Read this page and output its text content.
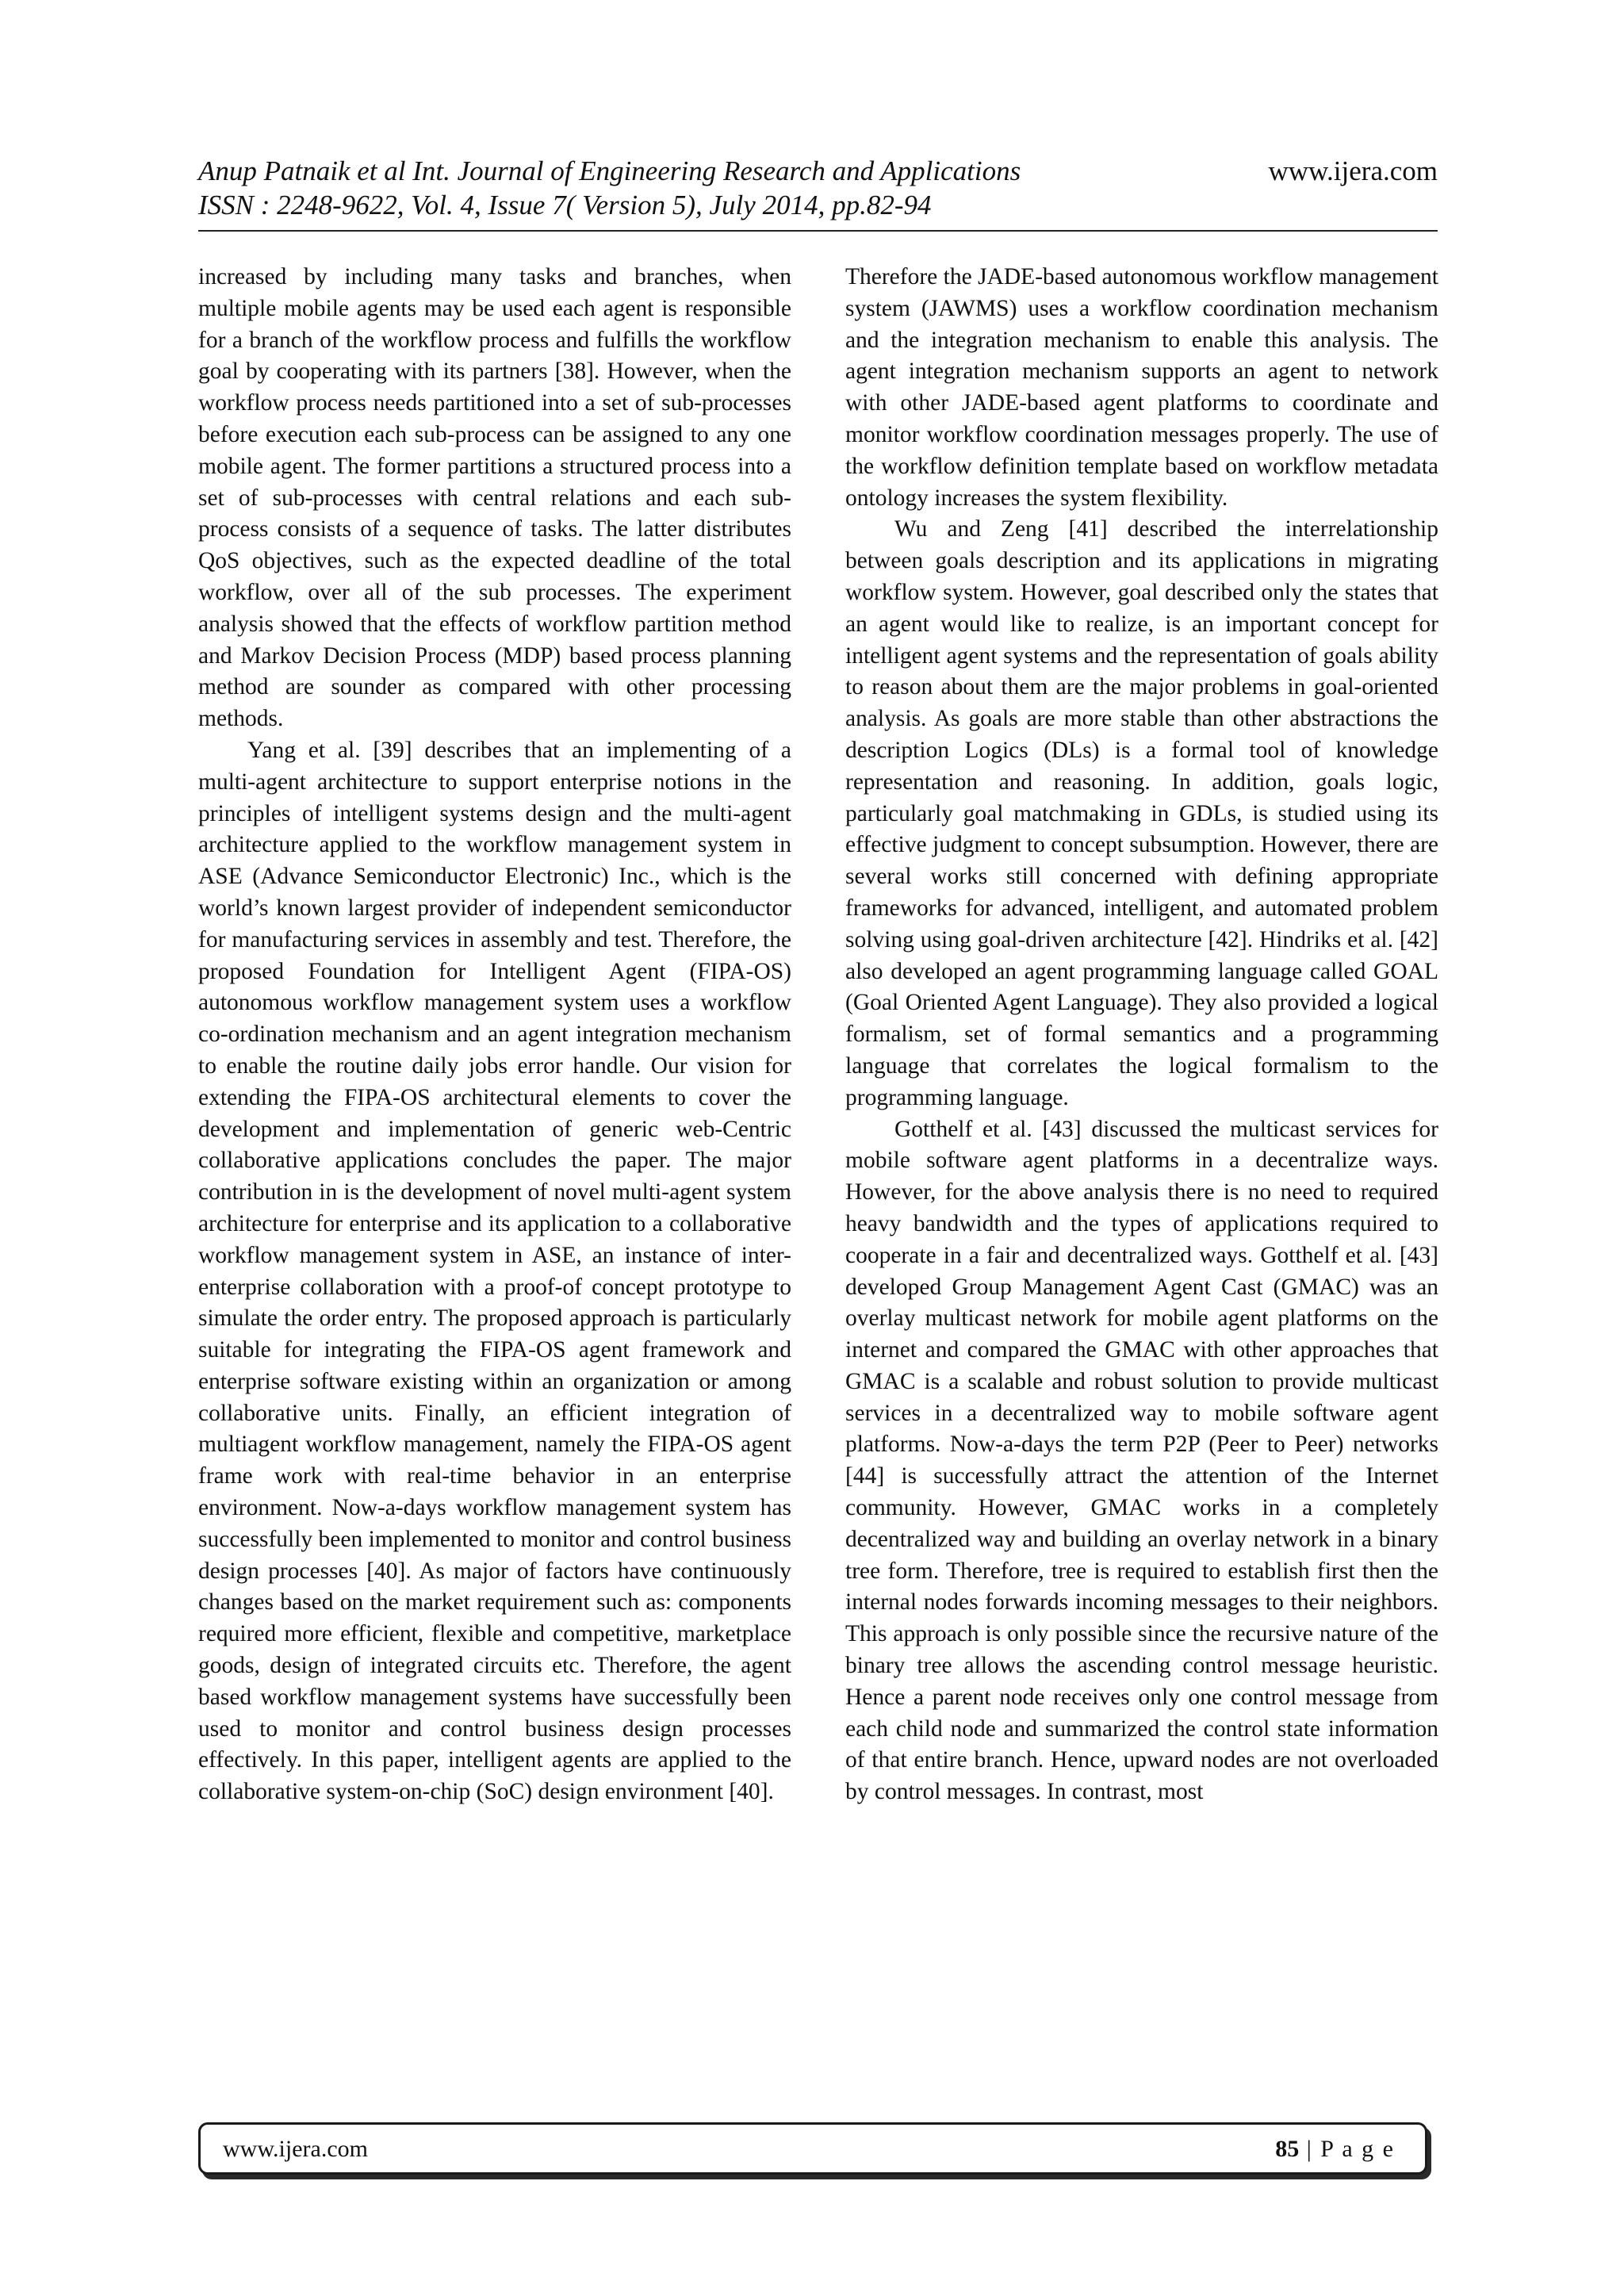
Anup Patnaik et al Int. Journal of Engineering Research and Applications
ISSN : 2248-9622, Vol. 4, Issue 7( Version 5), July 2014, pp.82-94
www.ijera.com

increased by including many tasks and branches, when multiple mobile agents may be used each agent is responsible for a branch of the workflow process and fulfills the workflow goal by cooperating with its partners [38]. However, when the workflow process needs partitioned into a set of sub-processes before execution each sub-process can be assigned to any one mobile agent. The former partitions a structured process into a set of sub-processes with central relations and each sub-process consists of a sequence of tasks. The latter distributes QoS objectives, such as the expected deadline of the total workflow, over all of the sub processes. The experiment analysis showed that the effects of workflow partition method and Markov Decision Process (MDP) based process planning method are sounder as compared with other processing methods.

Yang et al. [39] describes that an implementing of a multi-agent architecture to support enterprise notions in the principles of intelligent systems design and the multi-agent architecture applied to the workflow management system in ASE (Advance Semiconductor Electronic) Inc., which is the world’s known largest provider of independent semiconductor for manufacturing services in assembly and test. Therefore, the proposed Foundation for Intelligent Agent (FIPA-OS) autonomous workflow management system uses a workflow co-ordination mechanism and an agent integration mechanism to enable the routine daily jobs error handle. Our vision for extending the FIPA-OS architectural elements to cover the development and implementation of generic web-Centric collaborative applications concludes the paper. The major contribution in is the development of novel multi-agent system architecture for enterprise and its application to a collaborative workflow management system in ASE, an instance of inter-enterprise collaboration with a proof-of concept prototype to simulate the order entry. The proposed approach is particularly suitable for integrating the FIPA-OS agent framework and enterprise software existing within an organization or among collaborative units. Finally, an efficient integration of multiagent workflow management, namely the FIPA-OS agent frame work with real-time behavior in an enterprise environment. Now-a-days workflow management system has successfully been implemented to monitor and control business design processes [40]. As major of factors have continuously changes based on the market requirement such as: components required more efficient, flexible and competitive, marketplace goods, design of integrated circuits etc. Therefore, the agent based workflow management systems have successfully been used to monitor and control business design processes effectively. In this paper, intelligent agents are applied to the collaborative system-on-chip (SoC) design environment [40].

Therefore the JADE-based autonomous workflow management system (JAWMS) uses a workflow coordination mechanism and the integration mechanism to enable this analysis. The agent integration mechanism supports an agent to network with other JADE-based agent platforms to coordinate and monitor workflow coordination messages properly. The use of the workflow definition template based on workflow metadata ontology increases the system flexibility.

Wu and Zeng [41] described the interrelationship between goals description and its applications in migrating workflow system. However, goal described only the states that an agent would like to realize, is an important concept for intelligent agent systems and the representation of goals ability to reason about them are the major problems in goal-oriented analysis. As goals are more stable than other abstractions the description Logics (DLs) is a formal tool of knowledge representation and reasoning. In addition, goals logic, particularly goal matchmaking in GDLs, is studied using its effective judgment to concept subsumption. However, there are several works still concerned with defining appropriate frameworks for advanced, intelligent, and automated problem solving using goal-driven architecture [42]. Hindriks et al. [42] also developed an agent programming language called GOAL (Goal Oriented Agent Language). They also provided a logical formalism, set of formal semantics and a programming language that correlates the logical formalism to the programming language.

Gotthelf et al. [43] discussed the multicast services for mobile software agent platforms in a decentralize ways. However, for the above analysis there is no need to required heavy bandwidth and the types of applications required to cooperate in a fair and decentralized ways. Gotthelf et al. [43] developed Group Management Agent Cast (GMAC) was an overlay multicast network for mobile agent platforms on the internet and compared the GMAC with other approaches that GMAC is a scalable and robust solution to provide multicast services in a decentralized way to mobile software agent platforms. Now-a-days the term P2P (Peer to Peer) networks [44] is successfully attract the attention of the Internet community. However, GMAC works in a completely decentralized way and building an overlay network in a binary tree form. Therefore, tree is required to establish first then the internal nodes forwards incoming messages to their neighbors. This approach is only possible since the recursive nature of the binary tree allows the ascending control message heuristic. Hence a parent node receives only one control message from each child node and summarized the control state information of that entire branch. Hence, upward nodes are not overloaded by control messages. In contrast, most

www.ijera.com	85 | P a g e
